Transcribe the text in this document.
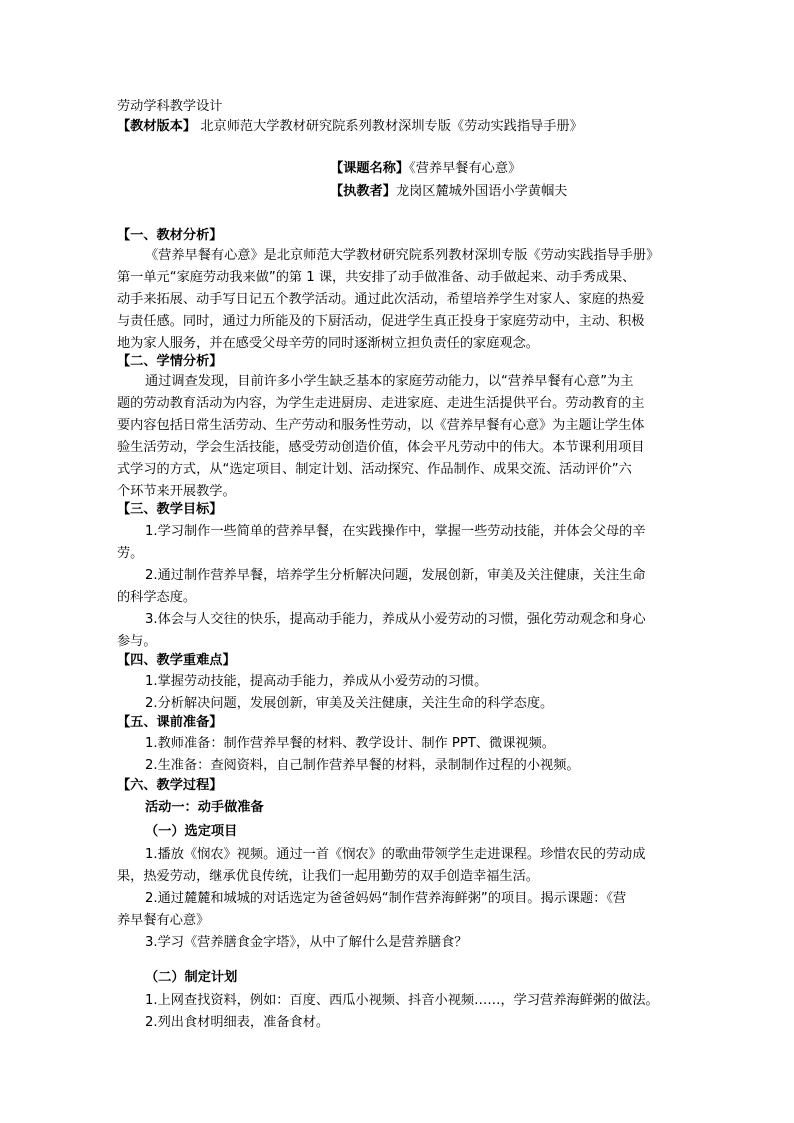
劳动学科教学设计
【教材版本】 北京师范大学教材研究院系列教材深圳专版《劳动实践指导手册》
【课题名称】《营养早餐有心意》
【执教者】龙岗区麓城外国语小学黄帼夫
【一、教材分析】
《营养早餐有心意》是北京师范大学教材研究院系列教材深圳专版《劳动实践指导手册》
第一单元“家庭劳动我来做”的第 1 课，共安排了动手做准备、动手做起来、动手秀成果、
动手来拓展、动手写日记五个教学活动。通过此次活动，希望培养学生对家人、家庭的热爱
与责任感。同时，通过力所能及的下厨活动，促进学生真正投身于家庭劳动中，主动、积极
地为家人服务，并在感受父母辛劳的同时逐渐树立担负责任的家庭观念。
【二、学情分析】
通过调查发现，目前许多小学生缺乏基本的家庭劳动能力，以“营养早餐有心意”为主
题的劳动教育活动为内容，为学生走进厨房、走进家庭、走进生活提供平台。劳动教育的主
要内容包括日常生活劳动、生产劳动和服务性劳动，以《营养早餐有心意》为主题让学生体
验生活劳动，学会生活技能，感受劳动创造价值，体会平凡劳动中的伟大。本节课利用项目
式学习的方式，从“选定项目、制定计划、活动探究、作品制作、成果交流、活动评价”六
个环节来开展教学。
【三、教学目标】
1.学习制作一些简单的营养早餐，在实践操作中，掌握一些劳动技能，并体会父母的辛
劳。
2.通过制作营养早餐，培养学生分析解决问题，发展创新，审美及关注健康，关注生命
的科学态度。
3.体会与人交往的快乐，提高动手能力，养成从小爱劳动的习惯，强化劳动观念和身心
参与。
【四、教学重难点】
1.掌握劳动技能，提高动手能力，养成从小爱劳动的习惯。
2.分析解决问题，发展创新，审美及关注健康，关注生命的科学态度。
【五、课前准备】
1.教师准备：制作营养早餐的材料、教学设计、制作 PPT、微课视频。
2.生准备：查阅资料，自己制作营养早餐的材料，录制制作过程的小视频。
【六、教学过程】
活动一：动手做准备
（一）选定项目
1.播放《悯农》视频。通过一首《悯农》的歌曲带领学生走进课程。珍惜农民的劳动成
果，热爱劳动，继承优良传统，让我们一起用勤劳的双手创造幸福生活。
2.通过麓麓和城城的对话选定为爸爸妈妈“制作营养海鲜粥”的项目。揭示课题：《营
养早餐有心意》
3.学习《营养膳食金字塔》，从中了解什么是营养膳食？
（二）制定计划
1.上网查找资料，例如：百度、西瓜小视频、抖音小视频……，学习营养海鲜粥的做法。
2.列出食材明细表，准备食材。
